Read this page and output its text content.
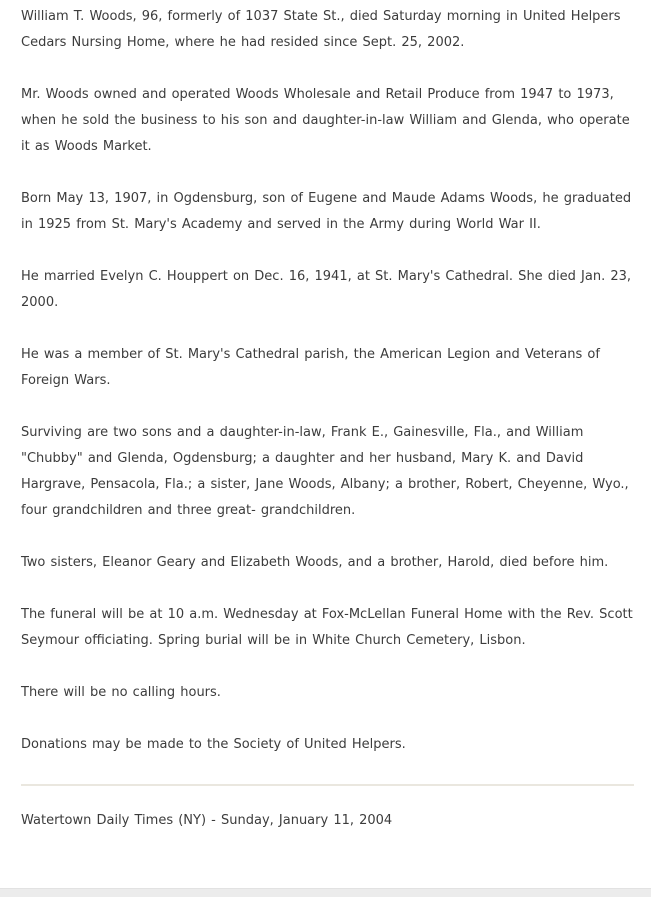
William T. Woods, 96, formerly of 1037 State St., died Saturday morning in United Helpers Cedars Nursing Home, where he had resided since Sept. 25, 2002.

Mr. Woods owned and operated Woods Wholesale and Retail Produce from 1947 to 1973, when he sold the business to his son and daughter-in-law William and Glenda, who operate it as Woods Market.

Born May 13, 1907, in Ogdensburg, son of Eugene and Maude Adams Woods, he graduated in 1925 from St. Mary's Academy and served in the Army during World War II.

He married Evelyn C. Houppert on Dec. 16, 1941, at St. Mary's Cathedral. She died Jan. 23, 2000.

He was a member of St. Mary's Cathedral parish, the American Legion and Veterans of Foreign Wars.

Surviving are two sons and a daughter-in-law, Frank E., Gainesville, Fla., and William "Chubby" and Glenda, Ogdensburg; a daughter and her husband, Mary K. and David Hargrave, Pensacola, Fla.; a sister, Jane Woods, Albany; a brother, Robert, Cheyenne, Wyo., four grandchildren and three great- grandchildren.

Two sisters, Eleanor Geary and Elizabeth Woods, and a brother, Harold, died before him.

The funeral will be at 10 a.m. Wednesday at Fox-McLellan Funeral Home with the Rev. Scott Seymour officiating. Spring burial will be in White Church Cemetery, Lisbon.

There will be no calling hours.

Donations may be made to the Society of United Helpers.

Watertown Daily Times (NY) - Sunday, January 11, 2004
